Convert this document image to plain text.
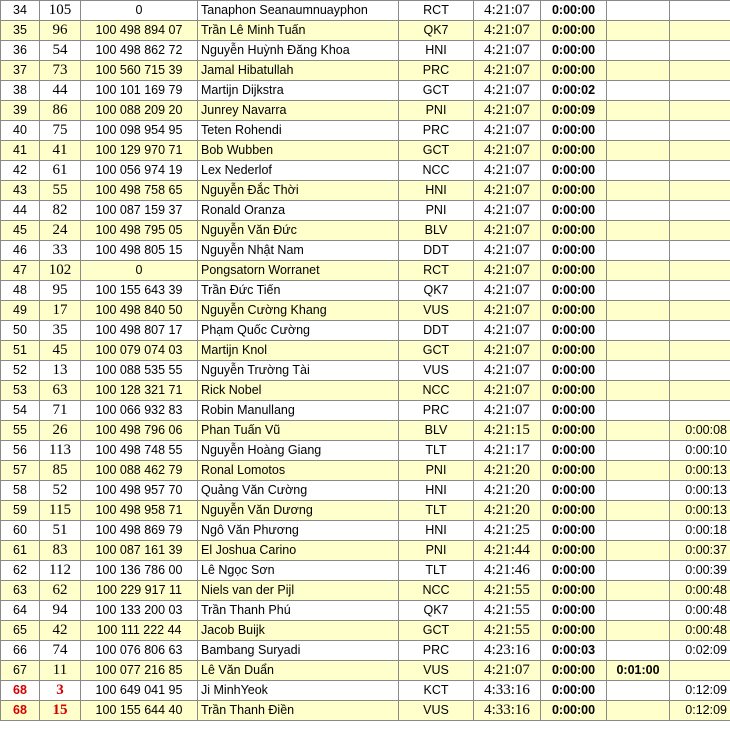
34	105	0	Tanaphon Seanaumnuayphon	RCT	4:21:07	0:00:00		
35	96	100 498 894 07	Trần Lê Minh Tuấn	QK7	4:21:07	0:00:00		
36	54	100 498 862 72	Nguyễn Huỳnh Đăng Khoa	HNI	4:21:07	0:00:00		
37	73	100 560 715 39	Jamal Hibatullah	PRC	4:21:07	0:00:00		
38	44	100 101 169 79	Martijn Dijkstra	GCT	4:21:07	0:00:02		
39	86	100 088 209 20	Junrey Navarra	PNI	4:21:07	0:00:09		
40	75	100 098 954 95	Teten Rohendi	PRC	4:21:07	0:00:00		
41	41	100 129 970 71	Bob Wubben	GCT	4:21:07	0:00:00		
42	61	100 056 974 19	Lex Nederlof	NCC	4:21:07	0:00:00		
43	55	100 498 758 65	Nguyễn Đắc Thời	HNI	4:21:07	0:00:00		
44	82	100 087 159 37	Ronald Oranza	PNI	4:21:07	0:00:00		
45	24	100 498 795 05	Nguyễn Văn Đức	BLV	4:21:07	0:00:00		
46	33	100 498 805 15	Nguyễn Nhật Nam	DDT	4:21:07	0:00:00		
47	102	0	Pongsatorn Worranet	RCT	4:21:07	0:00:00		
48	95	100 155 643 39	Trần Đức Tiến	QK7	4:21:07	0:00:00		
49	17	100 498 840 50	Nguyễn Cường Khang	VUS	4:21:07	0:00:00		
50	35	100 498 807 17	Phạm Quốc Cường	DDT	4:21:07	0:00:00		
51	45	100 079 074 03	Martijn Knol	GCT	4:21:07	0:00:00		
52	13	100 088 535 55	Nguyễn Trường Tài	VUS	4:21:07	0:00:00		
53	63	100 128 321 71	Rick Nobel	NCC	4:21:07	0:00:00		
54	71	100 066 932 83	Robin Manullang	PRC	4:21:07	0:00:00		
55	26	100 498 796 06	Phan Tuấn Vũ	BLV	4:21:15	0:00:00		0:00:08
56	113	100 498 748 55	Nguyễn Hoàng Giang	TLT	4:21:17	0:00:00		0:00:10
57	85	100 088 462 79	Ronal Lomotos	PNI	4:21:20	0:00:00		0:00:13
58	52	100 498 957 70	Quảng Văn Cường	HNI	4:21:20	0:00:00		0:00:13
59	115	100 498 958 71	Nguyễn Văn Dương	TLT	4:21:20	0:00:00		0:00:13
60	51	100 498 869 79	Ngô Văn Phương	HNI	4:21:25	0:00:00		0:00:18
61	83	100 087 161 39	El Joshua Carino	PNI	4:21:44	0:00:00		0:00:37
62	112	100 136 786 00	Lê Ngọc Sơn	TLT	4:21:46	0:00:00		0:00:39
63	62	100 229 917 11	Niels van der Pijl	NCC	4:21:55	0:00:00		0:00:48
64	94	100 133 200 03	Trần Thanh Phú	QK7	4:21:55	0:00:00		0:00:48
65	42	100 111 222 44	Jacob Buijk	GCT	4:21:55	0:00:00		0:00:48
66	74	100 076 806 63	Bambang Suryadi	PRC	4:23:16	0:00:03		0:02:09
67	11	100 077 216 85	Lê Văn Duẩn	VUS	4:21:07	0:00:00	0:01:00	
68	3	100 649 041 95	Ji MinhYeok	KCT	4:33:16	0:00:00		0:12:09
68	15	100 155 644 40	Trần Thanh Điền	VUS	4:33:16	0:00:00		0:12:09
